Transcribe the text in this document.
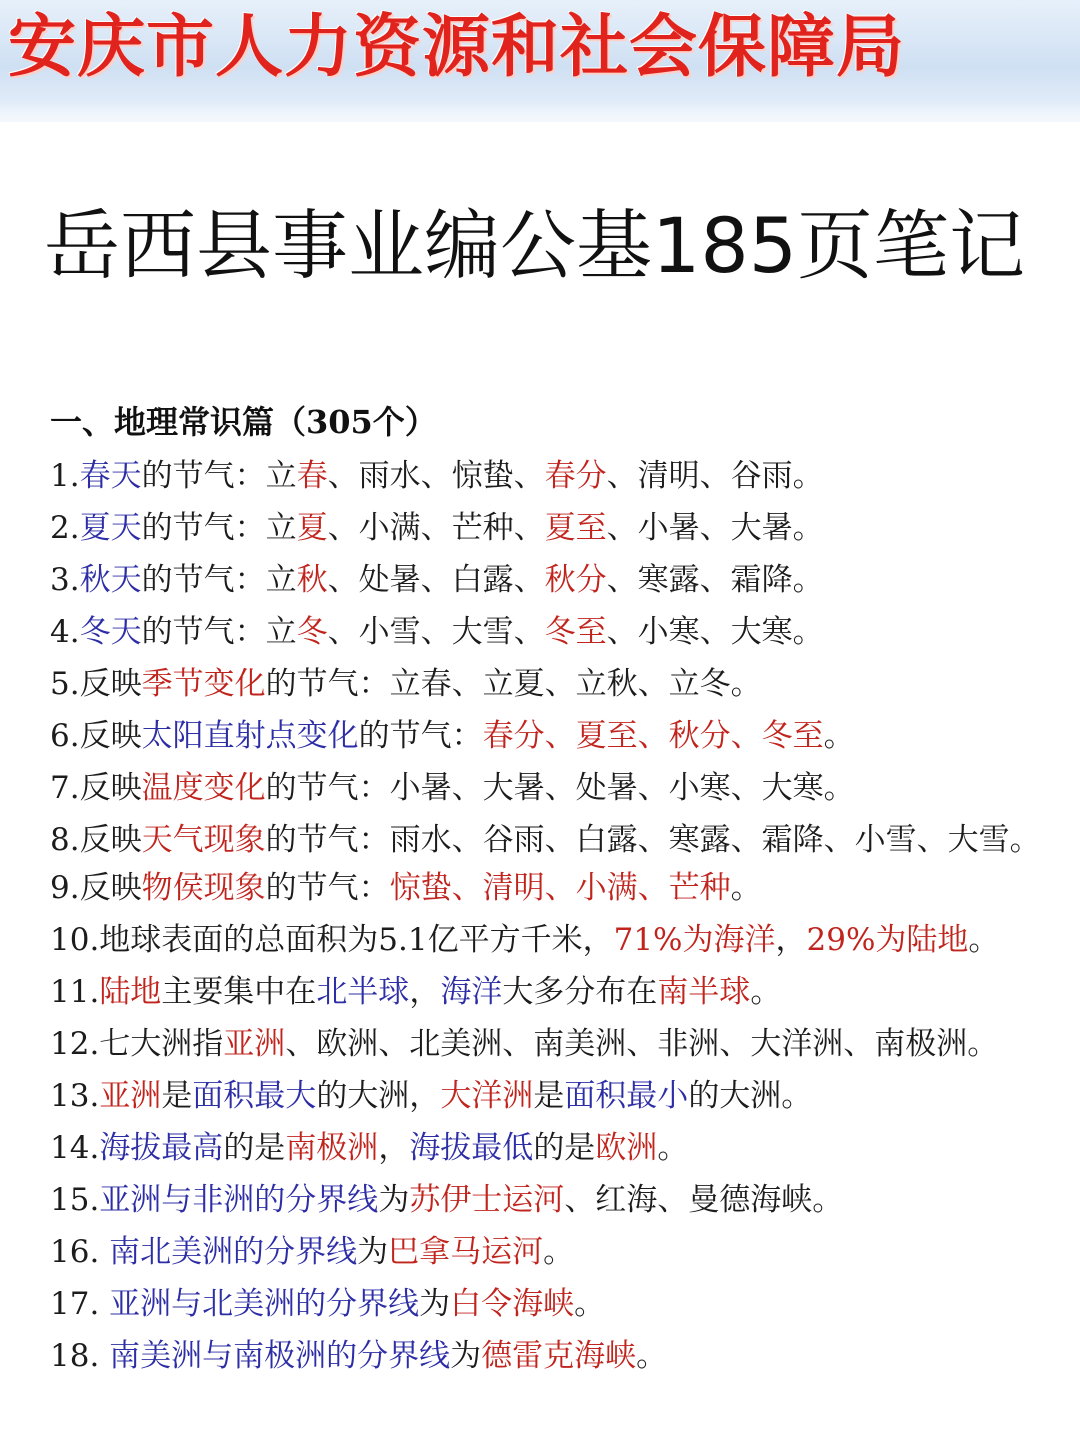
安庆市人力资源和社会保障局
岳西县事业编公基185页笔记
一、地理常识篇（305个）
1.春天的节气：立春、雨水、惊蛰、春分、清明、谷雨。
2.夏天的节气：立夏、小满、芒种、夏至、小暑、大暑。
3.秋天的节气：立秋、处暑、白露、秋分、寒露、霜降。
4.冬天的节气：立冬、小雪、大雪、冬至、小寒、大寒。
5.反映季节变化的节气：立春、立夏、立秋、立冬。
6.反映太阳直射点变化的节气：春分、夏至、秋分、冬至。
7.反映温度变化的节气：小暑、大暑、处暑、小寒、大寒。
8.反映天气现象的节气：雨水、谷雨、白露、寒露、霜降、小雪、大雪。
9.反映物侯现象的节气：惊蛰、清明、小满、芒种。
10.地球表面的总面积为5.1亿平方千米，71%为海洋，29%为陆地。
11.陆地主要集中在北半球，海洋大多分布在南半球。
12.七大洲指亚洲、欧洲、北美洲、南美洲、非洲、大洋洲、南极洲。
13.亚洲是面积最大的大洲，大洋洲是面积最小的大洲。
14.海拔最高的是南极洲，海拔最低的是欧洲。
15.亚洲与非洲的分界线为苏伊士运河、红海、曼德海峡。
16. 南北美洲的分界线为巴拿马运河。
17. 亚洲与北美洲的分界线为白令海峡。
18. 南美洲与南极洲的分界线为德雷克海峡。
